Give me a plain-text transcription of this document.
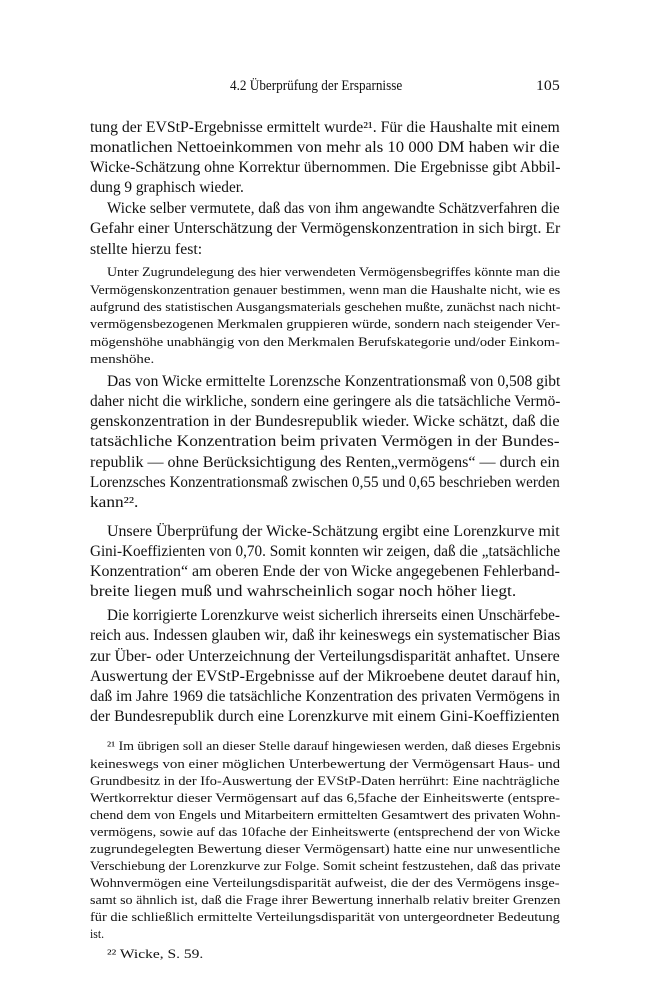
4.2 Überprüfung der Ersparnisse	105
tung der EVStP-Ergebnisse ermittelt wurde²¹. Für die Haushalte mit einem
monatlichen Nettoeinkommen von mehr als 10 000 DM haben wir die
Wicke-Schätzung ohne Korrektur übernommen. Die Ergebnisse gibt Abbil-
dung 9 graphisch wieder.
Wicke selber vermutete, daß das von ihm angewandte Schätzverfahren die
Gefahr einer Unterschätzung der Vermögenskonzentration in sich birgt. Er
stellte hierzu fest:
Unter Zugrundelegung des hier verwendeten Vermögensbegriffes könnte man die
Vermögenskonzentration genauer bestimmen, wenn man die Haushalte nicht, wie es
aufgrund des statistischen Ausgangsmaterials geschehen mußte, zunächst nach nicht-
vermögensbezogenen Merkmalen gruppieren würde, sondern nach steigender Ver-
mögenshöhe unabhängig von den Merkmalen Berufskategorie und/oder Einkom-
menshöhe.
Das von Wicke ermittelte Lorenzsche Konzentrationsmaß von 0,508 gibt
daher nicht die wirkliche, sondern eine geringere als die tatsächliche Vermö-
genskonzentration in der Bundesrepublik wieder. Wicke schätzt, daß die
tatsächliche Konzentration beim privaten Vermögen in der Bundes-
republik — ohne Berücksichtigung des Renten„vermögens“ — durch ein
Lorenzsches Konzentrationsmaß zwischen 0,55 und 0,65 beschrieben werden
kann²².
Unsere Überprüfung der Wicke-Schätzung ergibt eine Lorenzkurve mit
Gini-Koeffizienten von 0,70. Somit konnten wir zeigen, daß die „tatsächliche
Konzentration“ am oberen Ende der von Wicke angegebenen Fehlerband-
breite liegen muß und wahrscheinlich sogar noch höher liegt.
Die korrigierte Lorenzkurve weist sicherlich ihrerseits einen Unschärfebe-
reich aus. Indessen glauben wir, daß ihr keineswegs ein systematischer Bias
zur Über- oder Unterzeichnung der Verteilungsdisparität anhaftet. Unsere
Auswertung der EVStP-Ergebnisse auf der Mikroebene deutet darauf hin,
daß im Jahre 1969 die tatsächliche Konzentration des privaten Vermögens in
der Bundesrepublik durch eine Lorenzkurve mit einem Gini-Koeffizienten
²¹ Im übrigen soll an dieser Stelle darauf hingewiesen werden, daß dieses Ergebnis
keineswegs von einer möglichen Unterbewertung der Vermögensart Haus- und
Grundbesitz in der Ifo-Auswertung der EVStP-Daten herrührt: Eine nachträgliche
Wertkorrektur dieser Vermögensart auf das 6,5fache der Einheitswerte (entspre-
chend dem von Engels und Mitarbeitern ermittelten Gesamtwert des privaten Wohn-
vermögens, sowie auf das 10fache der Einheitswerte (entsprechend der von Wicke
zugrundegelegten Bewertung dieser Vermögensart) hatte eine nur unwesentliche
Verschiebung der Lorenzkurve zur Folge. Somit scheint festzustehen, daß das private
Wohnvermögen eine Verteilungsdisparität aufweist, die der des Vermögens insge-
samt so ähnlich ist, daß die Frage ihrer Bewertung innerhalb relativ breiter Grenzen
für die schließlich ermittelte Verteilungsdisparität von untergeordneter Bedeutung
ist.
²² Wicke, S. 59.
